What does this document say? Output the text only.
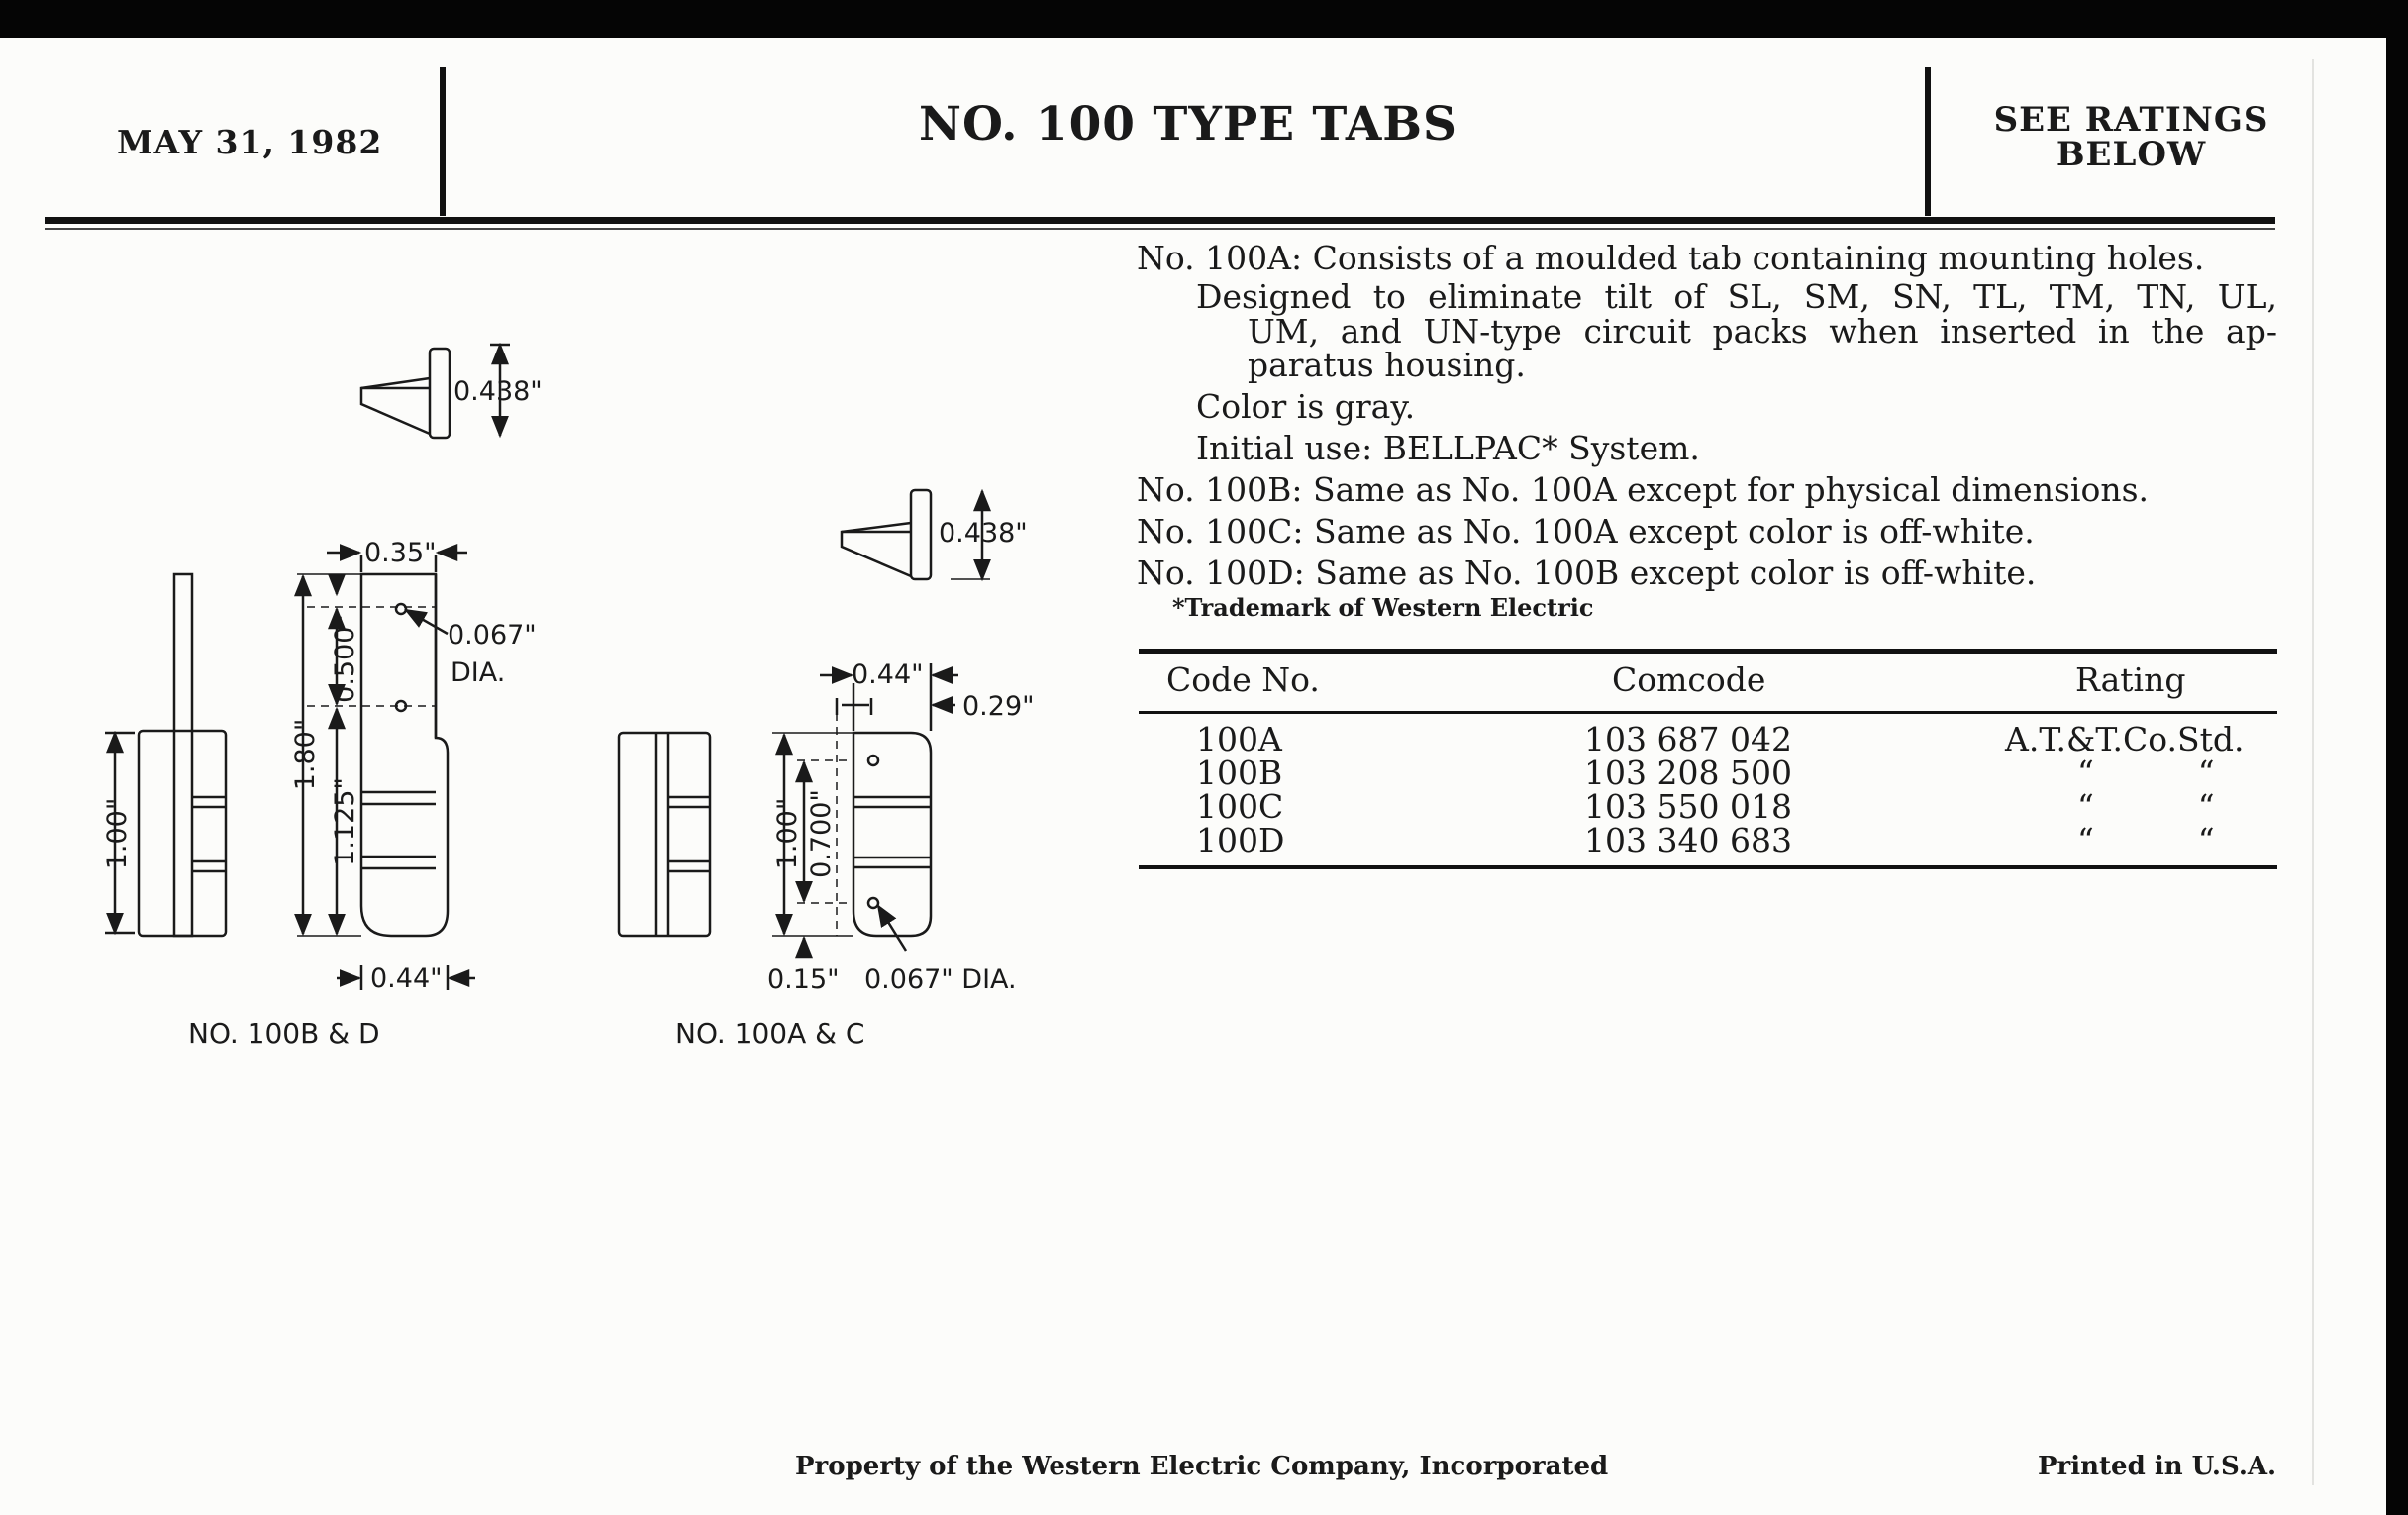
MAY 31, 1982	NO. 100 TYPE TABS	SEE RATINGS
BELOW

No. 100A: Consists of a moulded tab containing mounting holes.

Designed to eliminate tilt of SL, SM, SN, TL, TM, TN, UL,

UM, and UN-type circuit packs when inserted in the ap-

paratus housing.

Color is gray.

Initial use: BELLPAC* System.

No. 100B: Same as No. 100A except for physical dimensions.

No. 100C: Same as No. 100A except color is off-white.

No. 100D: Same as No. 100B except color is off-white.

*Trademark of Western Electric

Code No.	Comcode	Rating
100A	103 687 042	A.T.&T.Co.Std.
100B	103 208 500	“          “
100C	103 550 018	“          “
100D	103 340 683	“          “
0.438"
0.35"
0.067"
DIA.
0.500"
1.80"
1.125"
1.00"
0.44"
NO. 100B & D
0.438"
0.44"
0.29"
1.00" 0.700"
0.15" 0.067" DIA.
NO. 100A & C
Property of the Western Electric Company, Incorporated	Printed in U.S.A.
